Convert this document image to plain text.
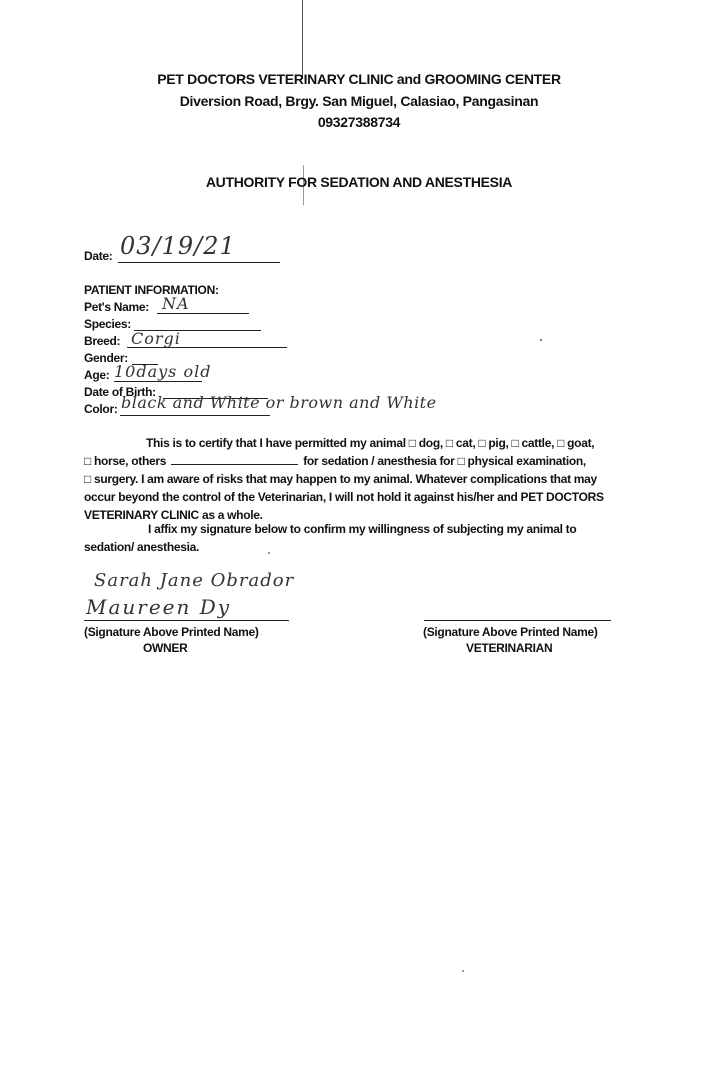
PET DOCTORS VETERINARY CLINIC and GROOMING CENTER
Diversion Road, Brgy. San Miguel, Calasiao, Pangasinan
09327388734
AUTHORITY FOR SEDATION AND ANESTHESIA
Date: 03/19/21
PATIENT INFORMATION:
Pet's Name: NA
Species:
Breed: Corgi
Gender:
Age: 10days old
Date of Birth:
Color: black and White or brown and White
This is to certify that I have permitted my animal □ dog, □ cat, □ pig, □ cattle, □ goat,
□ horse, others	for sedation / anesthesia for □ physical examination,
□ surgery. I am aware of risks that may happen to my animal. Whatever complications that may
occur beyond the control of the Veterinarian, I will not hold it against his/her and PET DOCTORS
VETERINARY CLINIC as a whole.
I affix my signature below to confirm my willingness of subjecting my animal to
sedation/ anesthesia.
Sarah Jane Obrador
Maureen Dy
(Signature Above Printed Name)
OWNER
(Signature Above Printed Name)
VETERINARIAN
